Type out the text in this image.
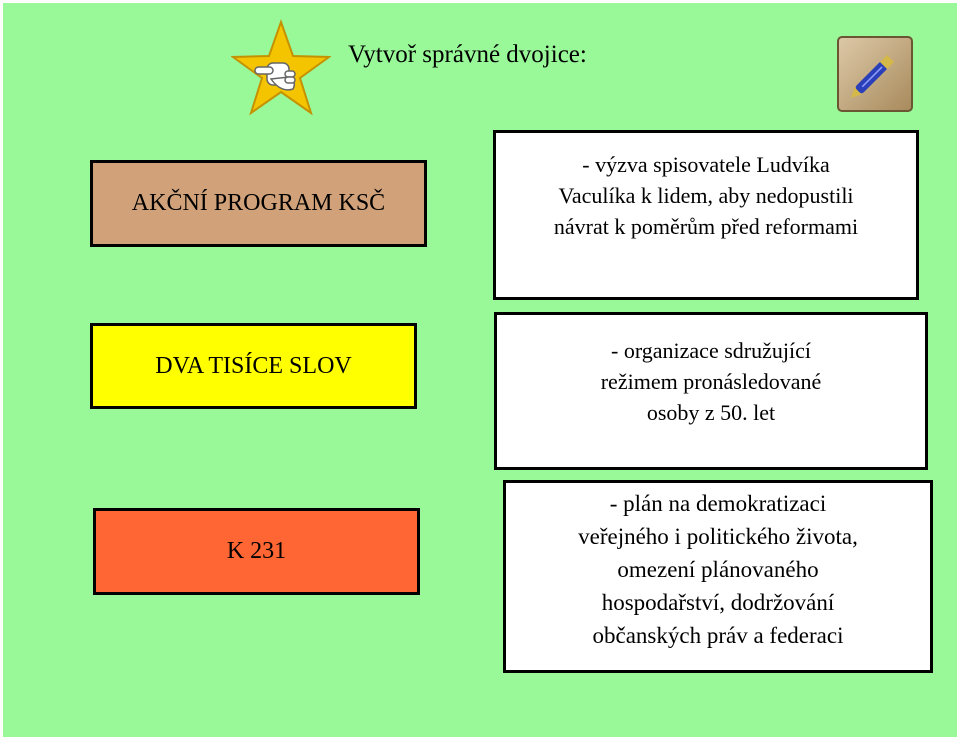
Vytvoř správné dvojice:
AKČNÍ PROGRAM KSČ
DVA TISÍCE SLOV
K 231
- výzva spisovatele Ludvíka
Vaculíka k lidem, aby nedopustili
návrat k poměrům před reformami
- organizace sdružující
režimem pronásledované
osoby z 50. let
- plán na demokratizaci
veřejného i politického života,
omezení plánovaného
hospodařství, dodržování
občanských práv a federaci
